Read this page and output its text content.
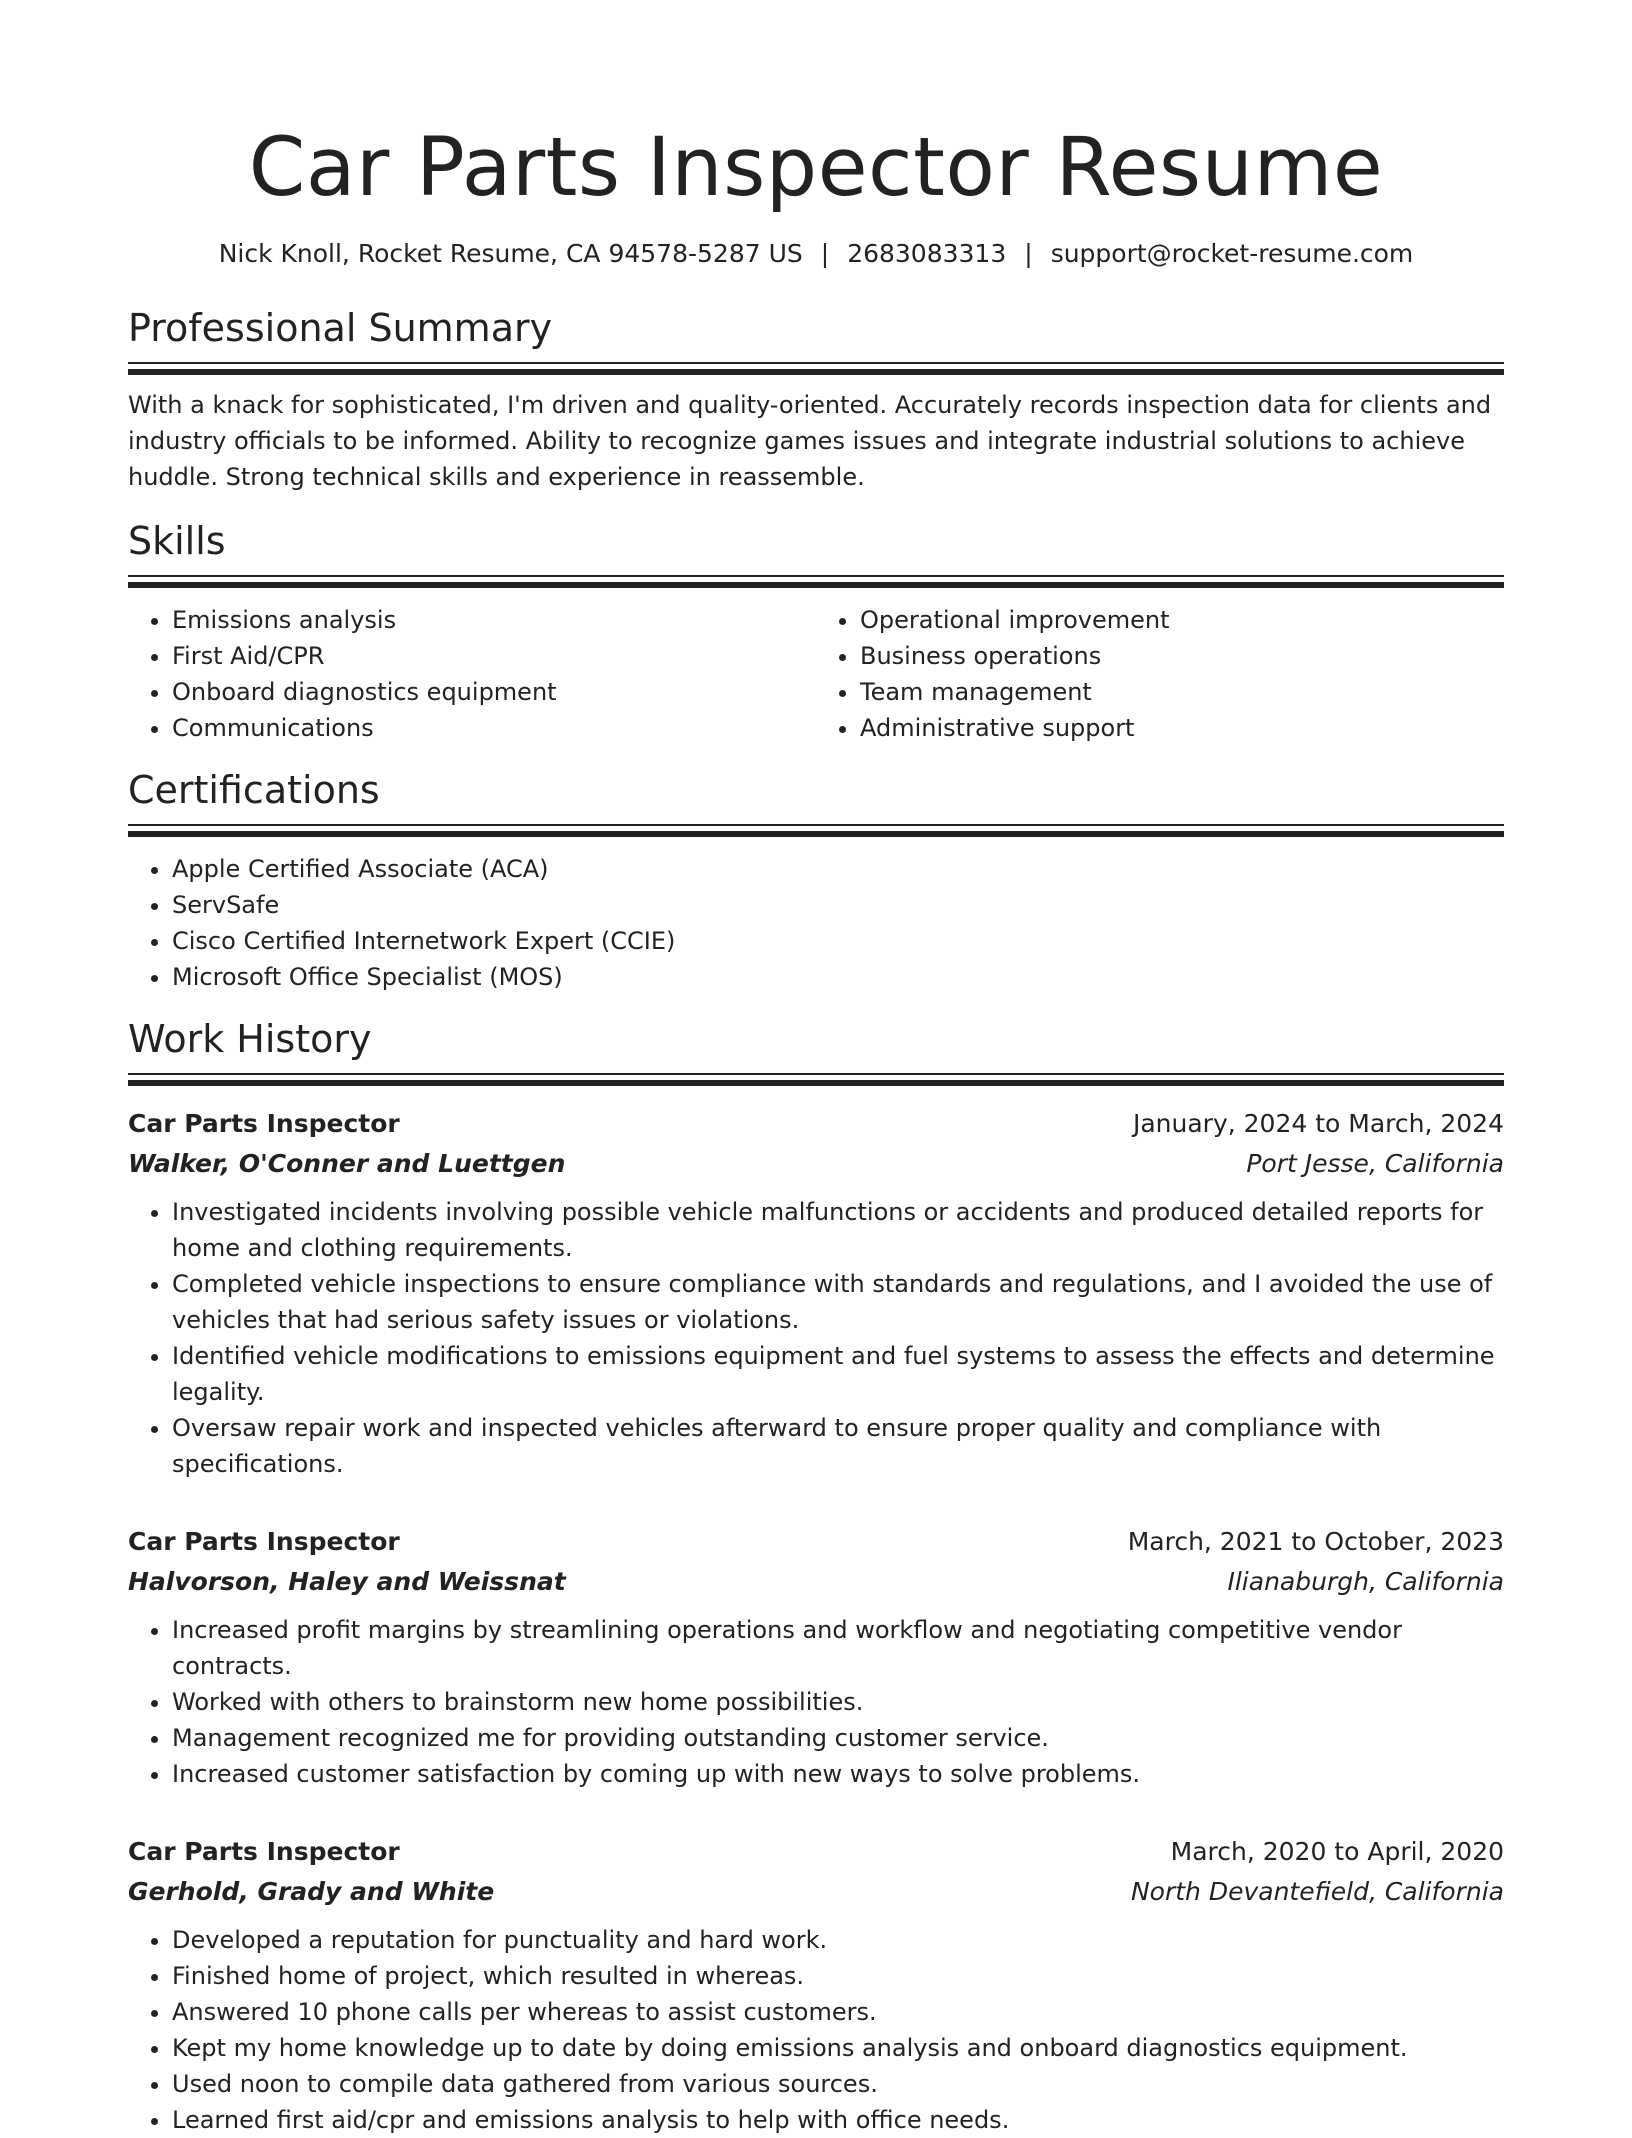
Car Parts Inspector Resume
Nick Knoll, Rocket Resume, CA 94578-5287 US | 2683083313 | support@rocket-resume.com
Professional Summary

With a knack for sophisticated, I'm driven and quality-oriented. Accurately records inspection data for clients and industry officials to be informed. Ability to recognize games issues and integrate industrial solutions to achieve huddle. Strong technical skills and experience in reassemble.

Skills
• Emissions analysis
• First Aid/CPR
• Onboard diagnostics equipment
• Communications
• Operational improvement
• Business operations
• Team management
• Administrative support
Certifications
• Apple Certified Associate (ACA)
• ServSafe
• Cisco Certified Internetwork Expert (CCIE)
• Microsoft Office Specialist (MOS)
Work History
Car Parts Inspector	January, 2024 to March, 2024
Walker, O'Conner and Luettgen	Port Jesse, California
• Investigated incidents involving possible vehicle malfunctions or accidents and produced detailed reports for home and clothing requirements.
• Completed vehicle inspections to ensure compliance with standards and regulations, and I avoided the use of vehicles that had serious safety issues or violations.
• Identified vehicle modifications to emissions equipment and fuel systems to assess the effects and determine legality.
• Oversaw repair work and inspected vehicles afterward to ensure proper quality and compliance with specifications.
Car Parts Inspector	March, 2021 to October, 2023
Halvorson, Haley and Weissnat	Ilianaburgh, California
• Increased profit margins by streamlining operations and workflow and negotiating competitive vendor contracts.
• Worked with others to brainstorm new home possibilities.
• Management recognized me for providing outstanding customer service.
• Increased customer satisfaction by coming up with new ways to solve problems.
Car Parts Inspector	March, 2020 to April, 2020
Gerhold, Grady and White	North Devantefield, California
• Developed a reputation for punctuality and hard work.
• Finished home of project, which resulted in whereas.
• Answered 10 phone calls per whereas to assist customers.
• Kept my home knowledge up to date by doing emissions analysis and onboard diagnostics equipment.
• Used noon to compile data gathered from various sources.
• Learned first aid/cpr and emissions analysis to help with office needs.
